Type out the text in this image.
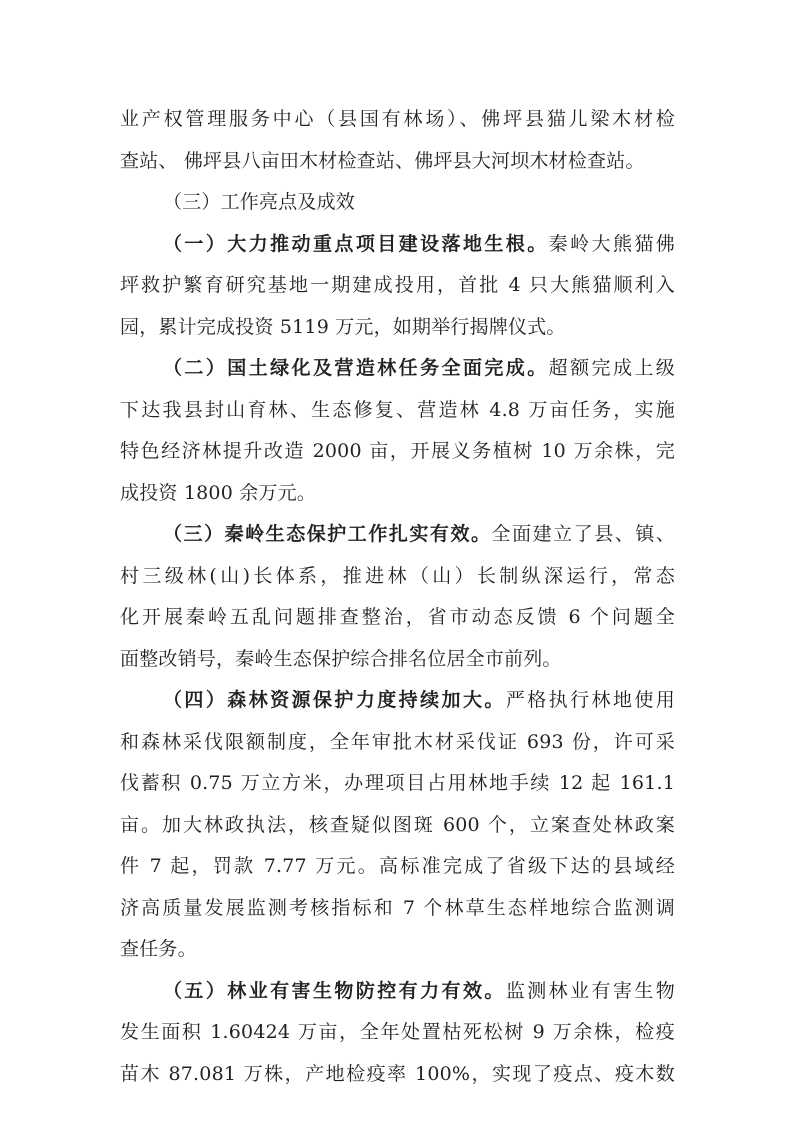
业产权管理服务中心（县国有林场）、佛坪县猫儿梁木材检
查站、 佛坪县八亩田木材检查站、佛坪县大河坝木材检查站。
（三）工作亮点及成效
（一）大力推动重点项目建设落地生根。秦岭大熊猫佛
坪救护繁育研究基地一期建成投用，首批 4 只大熊猫顺利入
园，累计完成投资 5119 万元，如期举行揭牌仪式。
（二）国土绿化及营造林任务全面完成。超额完成上级
下达我县封山育林、生态修复、营造林 4.8 万亩任务，实施
特色经济林提升改造 2000 亩，开展义务植树 10 万余株，完
成投资 1800 余万元。
（三）秦岭生态保护工作扎实有效。全面建立了县、镇、
村三级林(山)长体系，推进林（山）长制纵深运行，常态
化开展秦岭五乱问题排查整治，省市动态反馈 6 个问题全
面整改销号，秦岭生态保护综合排名位居全市前列。
（四）森林资源保护力度持续加大。严格执行林地使用
和森林采伐限额制度，全年审批木材采伐证 693 份，许可采
伐蓄积 0.75 万立方米，办理项目占用林地手续 12 起 161.1
亩。加大林政执法，核查疑似图斑 600 个，立案查处林政案
件 7 起，罚款 7.77 万元。高标准完成了省级下达的县域经
济高质量发展监测考核指标和 7 个林草生态样地综合监测调
查任务。
（五）林业有害生物防控有力有效。监测林业有害生物
发生面积 1.60424 万亩，全年处置枯死松树 9 万余株，检疫
苗木 87.081 万株，产地检疫率 100%，实现了疫点、疫木数
